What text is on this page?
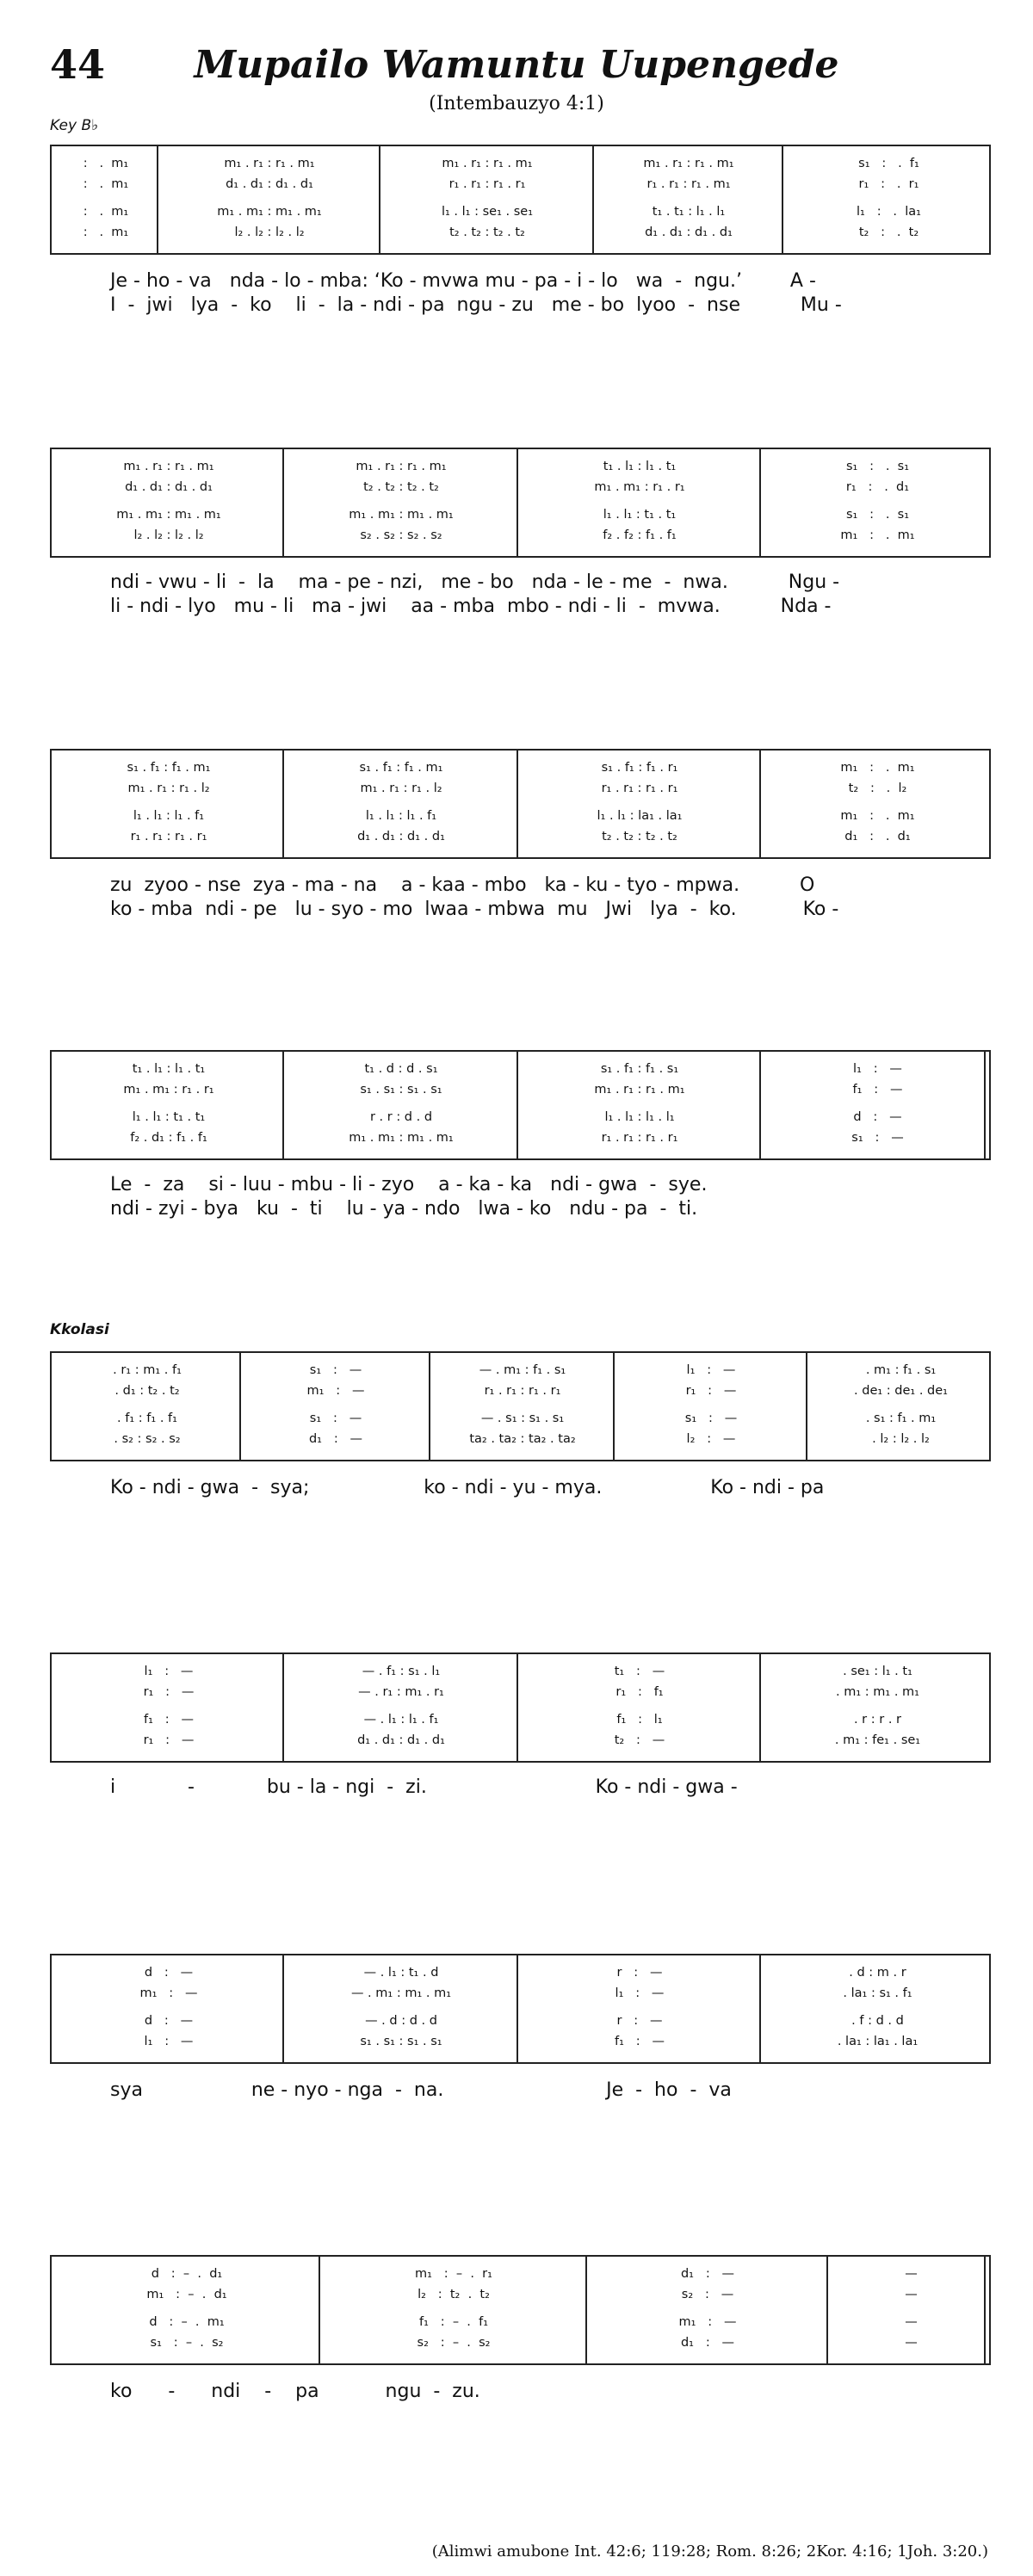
44	Mupailo Wamuntu Uupengede
(Intembauzyo 4:1)
Key B♭
Kkolasi
(Alimwi amubone Int. 42:6; 119:28; Rom. 8:26; 2Kor. 4:16; 1Joh. 3:20.)
:   .  m₁	m₁ . r₁ : r₁ . m₁	m₁ . r₁ : r₁ . m₁	m₁ . r₁ : r₁ . m₁	s₁   :   .  f₁
:   .  m₁	d₁ . d₁ : d₁ . d₁	r₁ . r₁ : r₁ . r₁	r₁ . r₁ : r₁ . m₁	r₁   :   .  r₁
:   .  m₁	m₁ . m₁ : m₁ . m₁	l₁ . l₁ : se₁ . se₁	t₁ . t₁ : l₁ . l₁	l₁   :   .  la₁
:   .  m₁	l₂ . l₂ : l₂ . l₂	t₂ . t₂ : t₂ . t₂	d₁ . d₁ : d₁ . d₁	t₂   :   .  t₂
Je - ho - va   nda - lo - mba: ‘Ko - mvwa mu - pa - i - lo   wa  -  ngu.’        A -
I  -  jwi   lya  -  ko    li  -  la - ndi - pa  ngu - zu   me - bo  lyoo  -  nse          Mu -
m₁ . r₁ : r₁ . m₁	m₁ . r₁ : r₁ . m₁	t₁ . l₁ : l₁ . t₁	s₁   :   .  s₁
d₁ . d₁ : d₁ . d₁	t₂ . t₂ : t₂ . t₂	m₁ . m₁ : r₁ . r₁	r₁   :   .  d₁
m₁ . m₁ : m₁ . m₁	m₁ . m₁ : m₁ . m₁	l₁ . l₁ : t₁ . t₁	s₁   :   .  s₁
l₂ . l₂ : l₂ . l₂	s₂ . s₂ : s₂ . s₂	f₂ . f₂ : f₁ . f₁	m₁   :   .  m₁
ndi - vwu - li  -  la    ma - pe - nzi,   me - bo   nda - le - me  -  nwa.          Ngu -
li - ndi - lyo   mu - li   ma - jwi    aa - mba  mbo - ndi - li  -  mvwa.          Nda -
s₁ . f₁ : f₁ . m₁	s₁ . f₁ : f₁ . m₁	s₁ . f₁ : f₁ . r₁	m₁   :   .  m₁
m₁ . r₁ : r₁ . l₂	m₁ . r₁ : r₁ . l₂	r₁ . r₁ : r₁ . r₁	t₂   :   .  l₂
l₁ . l₁ : l₁ . f₁	l₁ . l₁ : l₁ . f₁	l₁ . l₁ : la₁ . la₁	m₁   :   .  m₁
r₁ . r₁ : r₁ . r₁	d₁ . d₁ : d₁ . d₁	t₂ . t₂ : t₂ . t₂	d₁   :   .  d₁
zu  zyoo - nse  zya - ma - na    a - kaa - mbo   ka - ku - tyo - mpwa.          O
ko - mba  ndi - pe   lu - syo - mo  lwaa - mbwa  mu   Jwi   lya  -  ko.           Ko -
t₁ . l₁ : l₁ . t₁	t₁ . d : d . s₁	s₁ . f₁ : f₁ . s₁	l₁   :   —
m₁ . m₁ : r₁ . r₁	s₁ . s₁ : s₁ . s₁	m₁ . r₁ : r₁ . m₁	f₁   :   —
l₁ . l₁ : t₁ . t₁	r . r : d . d	l₁ . l₁ : l₁ . l₁	d   :   —
f₂ . d₁ : f₁ . f₁	m₁ . m₁ : m₁ . m₁	r₁ . r₁ : r₁ . r₁	s₁   :   —
Le  -  za    si - luu - mbu - li - zyo    a - ka - ka   ndi - gwa  -  sye.
ndi - zyi - bya   ku  -  ti    lu - ya - ndo   lwa - ko   ndu - pa  -  ti.
. r₁ : m₁ . f₁	s₁   :   —	— . m₁ : f₁ . s₁	l₁   :   —	. m₁ : f₁ . s₁
. d₁ : t₂ . t₂	m₁   :   —	r₁ . r₁ : r₁ . r₁	r₁   :   —	. de₁ : de₁ . de₁
. f₁ : f₁ . f₁	s₁   :   —	— . s₁ : s₁ . s₁	s₁   :   —	. s₁ : f₁ . m₁
. s₂ : s₂ . s₂	d₁   :   —	ta₂ . ta₂ : ta₂ . ta₂	l₂   :   —	. l₂ : l₂ . l₂
Ko - ndi - gwa  -  sya;                   ko - ndi - yu - mya.                  Ko - ndi - pa
l₁   :   —	— . f₁ : s₁ . l₁	t₁   :   —	. se₁ : l₁ . t₁
r₁   :   —	— . r₁ : m₁ . r₁	r₁   :   f₁	. m₁ : m₁ . m₁
f₁   :   —	— . l₁ : l₁ . f₁	f₁   :   l₁	. r : r . r
r₁   :   —	d₁ . d₁ : d₁ . d₁	t₂   :   —	. m₁ : fe₁ . se₁
i            -            bu - la - ngi  -  zi.                            Ko - ndi - gwa -
d   :   —	— . l₁ : t₁ . d	r   :   —	. d : m . r
m₁   :   —	— . m₁ : m₁ . m₁	l₁   :   —	. la₁ : s₁ . f₁
d   :   —	— . d : d . d	r   :   —	. f : d . d
l₁   :   —	s₁ . s₁ : s₁ . s₁	f₁   :   —	. la₁ : la₁ . la₁
sya                  ne - nyo - nga  -  na.                           Je  -  ho  -  va
d   :  –  .  d₁	m₁   :  –  .  r₁	d₁   :   —	—
m₁   :  –  .  d₁	l₂   :  t₂  .  t₂	s₂   :   —	—
d   :  –  .  m₁	f₁   :  –  .  f₁	m₁   :   —	—
s₁   :  –  .  s₂	s₂   :  –  .  s₂	d₁   :   —	—
ko      -      ndi    -    pa           ngu  -  zu.
